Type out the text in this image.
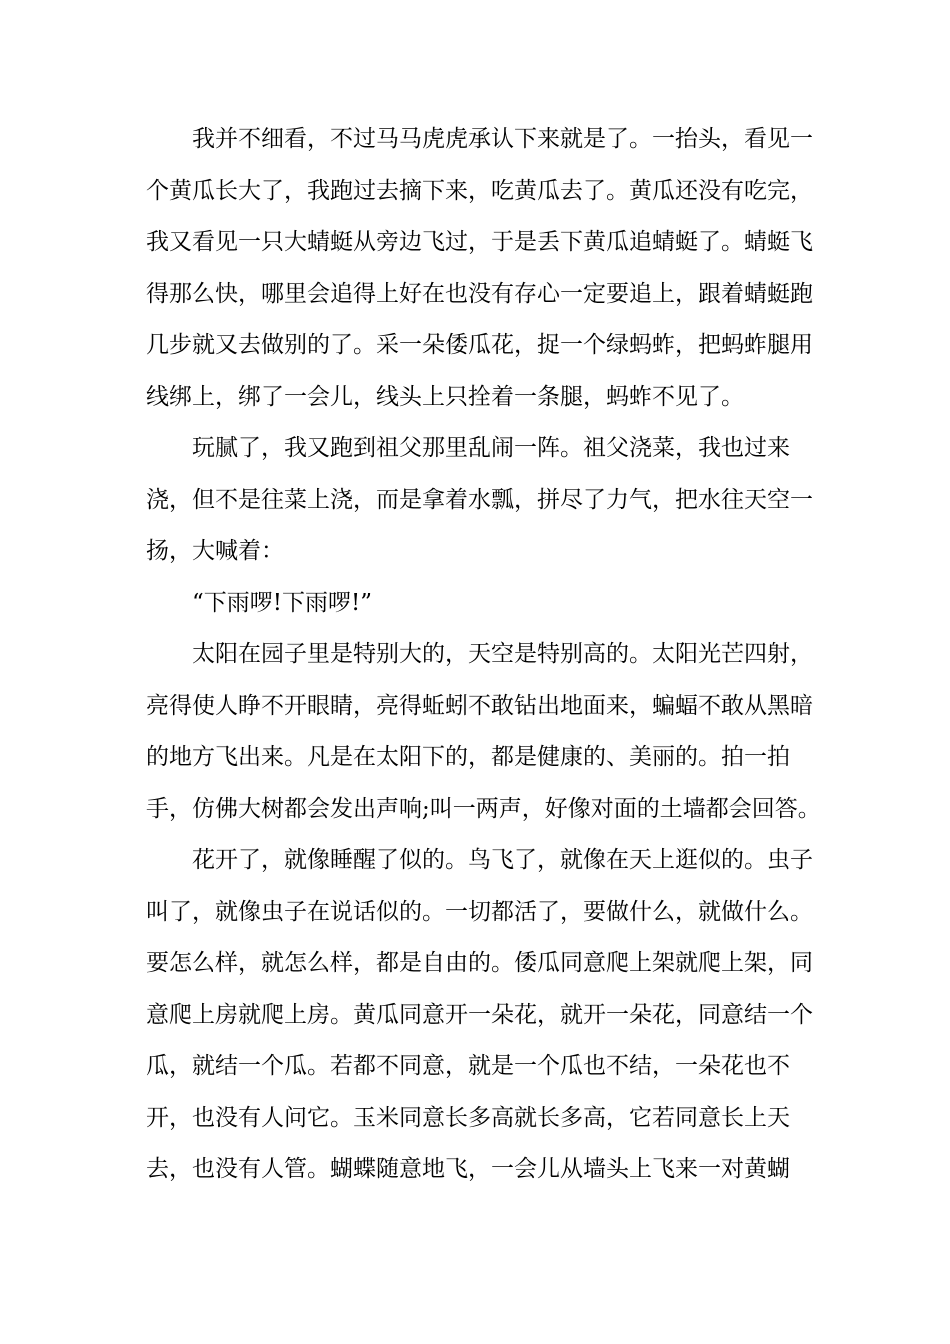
我并不细看，不过马马虎虎承认下来就是了。一抬头，看见一
个黄瓜长大了，我跑过去摘下来，吃黄瓜去了。黄瓜还没有吃完，
我又看见一只大蜻蜓从旁边飞过，于是丢下黄瓜追蜻蜓了。蜻蜓飞
得那么快，哪里会追得上好在也没有存心一定要追上，跟着蜻蜓跑
几步就又去做别的了。采一朵倭瓜花，捉一个绿蚂蚱，把蚂蚱腿用
线绑上，绑了一会儿，线头上只拴着一条腿，蚂蚱不见了。
玩腻了，我又跑到祖父那里乱闹一阵。祖父浇菜，我也过来
浇，但不是往菜上浇，而是拿着水瓢，拼尽了力气，把水往天空一
扬，大喊着：
“下雨啰!下雨啰!”
太阳在园子里是特别大的，天空是特别高的。太阳光芒四射，
亮得使人睁不开眼睛，亮得蚯蚓不敢钻出地面来，蝙蝠不敢从黑暗
的地方飞出来。凡是在太阳下的，都是健康的、美丽的。拍一拍
手，仿佛大树都会发出声响;叫一两声，好像对面的土墙都会回答。
花开了，就像睡醒了似的。鸟飞了，就像在天上逛似的。虫子
叫了，就像虫子在说话似的。一切都活了，要做什么，就做什么。
要怎么样，就怎么样，都是自由的。倭瓜同意爬上架就爬上架，同
意爬上房就爬上房。黄瓜同意开一朵花，就开一朵花，同意结一个
瓜，就结一个瓜。若都不同意，就是一个瓜也不结，一朵花也不
开，也没有人问它。玉米同意长多高就长多高，它若同意长上天
去，也没有人管。蝴蝶随意地飞，一会儿从墙头上飞来一对黄蝴
